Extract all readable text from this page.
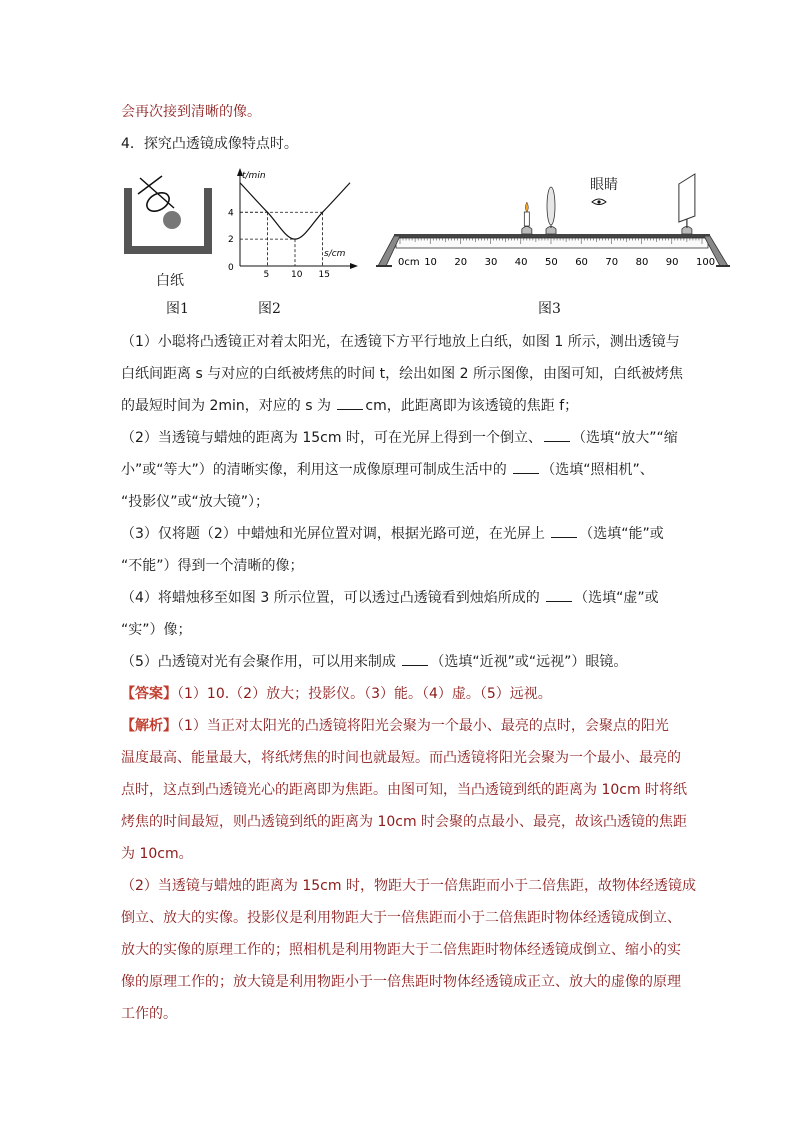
会再次接到清晰的像。
4．探究凸透镜成像特点时。
白纸
图1
t/min
s/cm
0
5 10 15
4
2
图2
眼睛
0cm 10 20 30 40 50 60 70 80 90 100
图3
（1）小聪将凸透镜正对着太阳光，在透镜下方平行地放上白纸，如图 1 所示，测出透镜与
白纸间距离 s 与对应的白纸被烤焦的时间 t，绘出如图 2 所示图像，由图可知，白纸被烤焦
的最短时间为 2min，对应的 s 为 cm，此距离即为该透镜的焦距 f；
（2）当透镜与蜡烛的距离为 15cm 时，可在光屏上得到一个倒立、 （选填“放大”“缩
小”或“等大”）的清晰实像，利用这一成像原理可制成生活中的 （选填“照相机”、
“投影仪”或“放大镜”）；
（3）仅将题（2）中蜡烛和光屏位置对调，根据光路可逆，在光屏上 （选填“能”或
“不能”）得到一个清晰的像；
（4）将蜡烛移至如图 3 所示位置，可以透过凸透镜看到烛焰所成的 （选填“虚”或
“实”）像；
（5）凸透镜对光有会聚作用，可以用来制成 （选填“近视”或“远视”）眼镜。
【答案】（1）10.（2）放大；投影仪。（3）能。（4）虚。（5）远视。
【解析】（1）当正对太阳光的凸透镜将阳光会聚为一个最小、最亮的点时，会聚点的阳光
温度最高、能量最大，将纸烤焦的时间也就最短。而凸透镜将阳光会聚为一个最小、最亮的
点时，这点到凸透镜光心的距离即为焦距。由图可知，当凸透镜到纸的距离为 10cm 时将纸
烤焦的时间最短，则凸透镜到纸的距离为 10cm 时会聚的点最小、最亮，故该凸透镜的焦距
为 10cm。
（2）当透镜与蜡烛的距离为 15cm 时，物距大于一倍焦距而小于二倍焦距，故物体经透镜成
倒立、放大的实像。投影仪是利用物距大于一倍焦距而小于二倍焦距时物体经透镜成倒立、
放大的实像的原理工作的；照相机是利用物距大于二倍焦距时物体经透镜成倒立、缩小的实
像的原理工作的；放大镜是利用物距小于一倍焦距时物体经透镜成正立、放大的虚像的原理
工作的。
